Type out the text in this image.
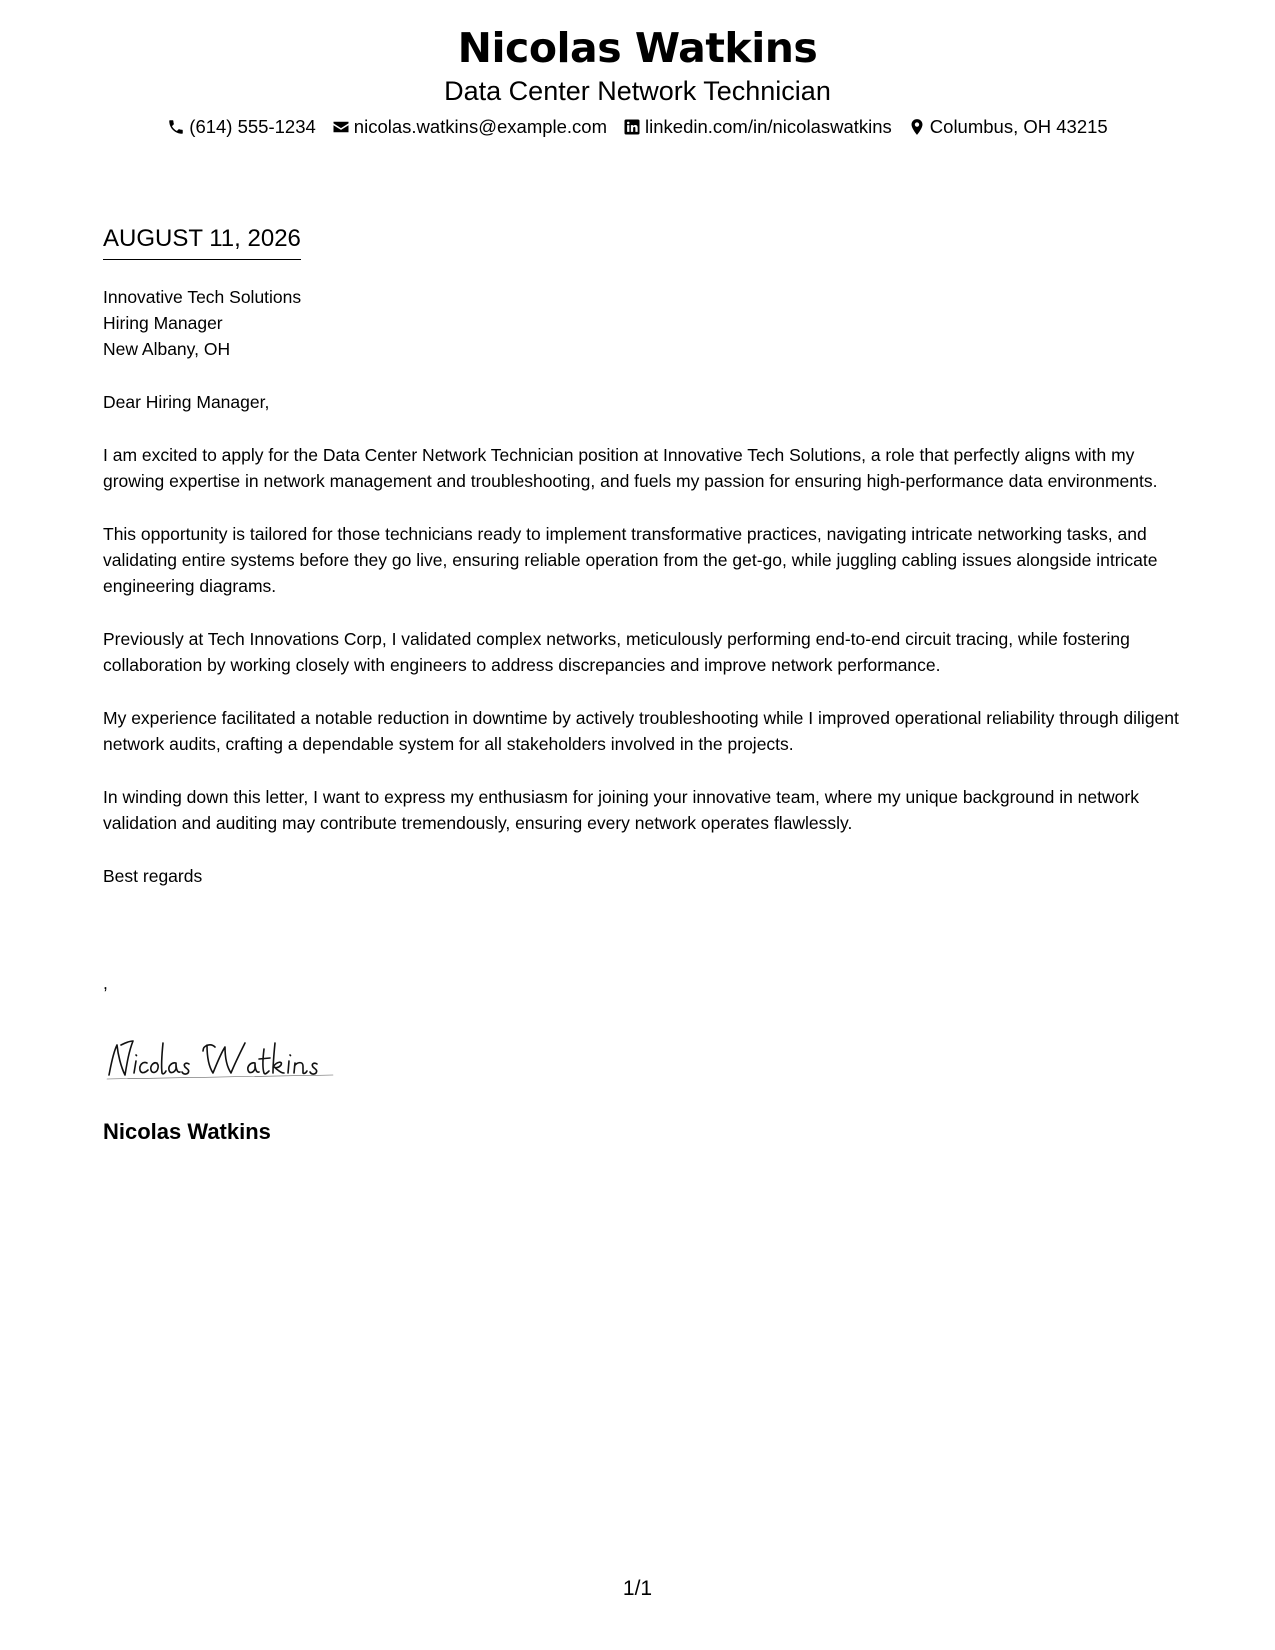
Nicolas Watkins
Data Center Network Technician
(614) 555-1234 nicolas.watkins@example.com linkedin.com/in/nicolaswatkins Columbus, OH 43215
AUGUST 11, 2026
Innovative Tech Solutions
Hiring Manager
New Albany, OH

Dear Hiring Manager,

I am excited to apply for the Data Center Network Technician position at Innovative Tech Solutions, a role that perfectly aligns with my growing expertise in network management and troubleshooting, and fuels my passion for ensuring high-performance data environments.

This opportunity is tailored for those technicians ready to implement transformative practices, navigating intricate networking tasks, and validating entire systems before they go live, ensuring reliable operation from the get-go, while juggling cabling issues alongside intricate engineering diagrams.

Previously at Tech Innovations Corp, I validated complex networks, meticulously performing end-to-end circuit tracing, while fostering collaboration by working closely with engineers to address discrepancies and improve network performance.

My experience facilitated a notable reduction in downtime by actively troubleshooting while I improved operational reliability through diligent network audits, crafting a dependable system for all stakeholders involved in the projects.

In winding down this letter, I want to express my enthusiasm for joining your innovative team, where my unique background in network validation and auditing may contribute tremendously, ensuring every network operates flawlessly.

Best regards

,
Nicolas Watkins
1/1
